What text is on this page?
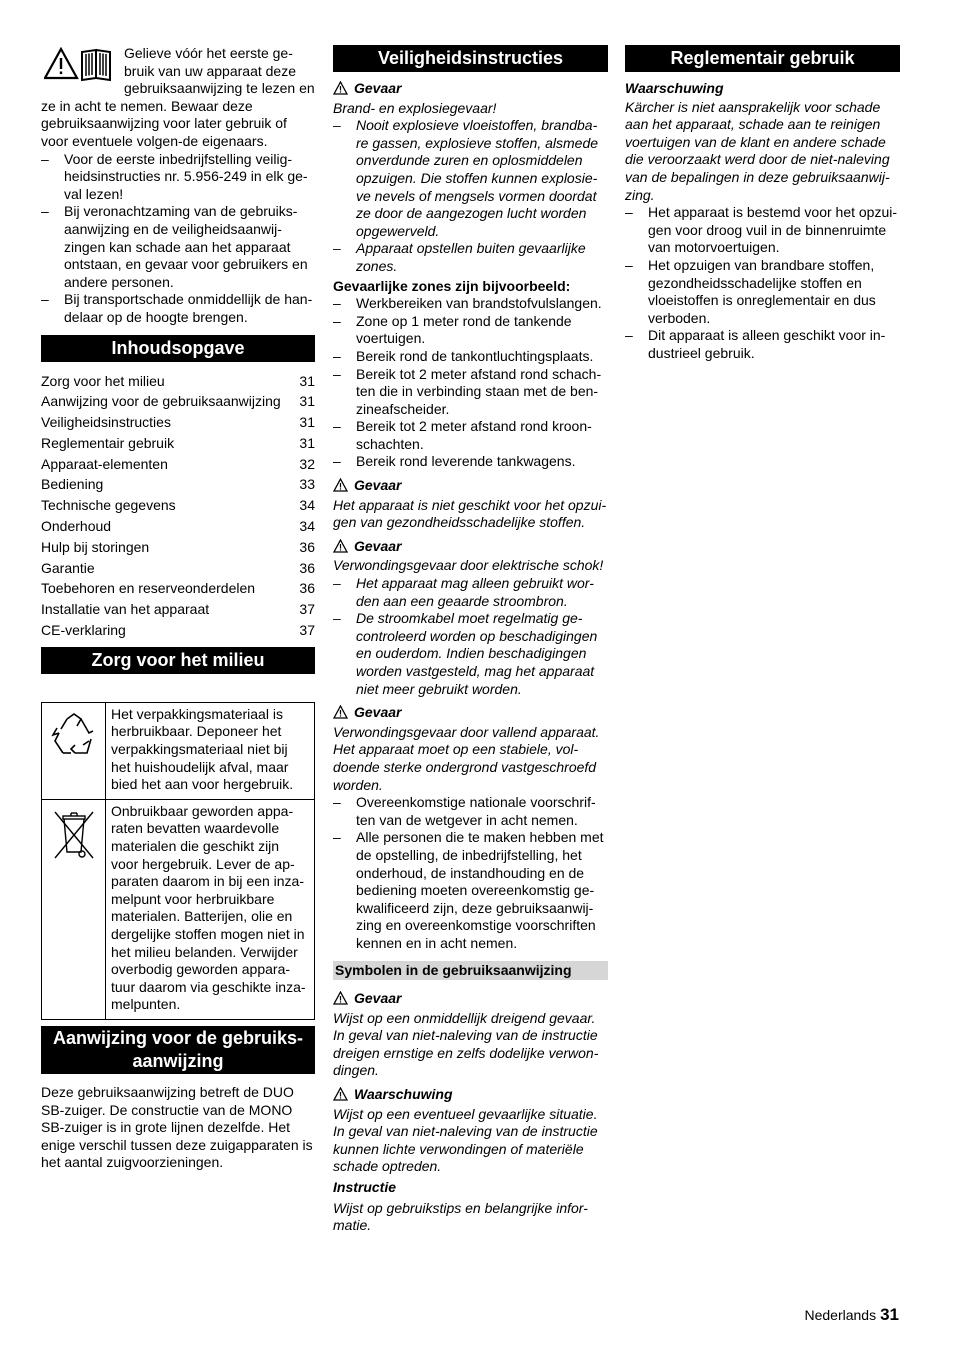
Gelieve vóór het eerste ge-bruik van uw apparaat deze gebruiksaanwijzing te lezen en ze in acht te nemen. Bewaar deze gebruiksaanwijzing voor later gebruik of voor eventuele volgen-de eigenaars.

– Voor de eerste inbedrijfstelling veilig-heidsinstructies nr. 5.956-249 in elk ge-val lezen!
– Bij veronachtzaming van de gebruiks-aanwijzing en de veiligheidsaanwij-zingen kan schade aan het apparaat ontstaan, en gevaar voor gebruikers en andere personen.
– Bij transportschade onmiddellijk de han-delaar op de hoogte brengen.
Inhoudsopgave
Zorg voor het milieu	31
Aanwijzing voor de gebruiksaanwijzing 31
Veiligheidsinstructies	31
Reglementair gebruik	31
Apparaat-elementen	32
Bediening	33
Technische gegevens	34
Onderhoud	34
Hulp bij storingen	36
Garantie	36
Toebehoren en reserveonderdelen	36
Installatie van het apparaat	37
CE-verklaring	37
Zorg voor het milieu
	Het verpakkingsmateriaal is herbruikbaar. Deponeer het verpakkingsmateriaal niet bij het huishoudelijk afval, maar bied het aan voor hergebruik.
	Onbruikbaar geworden appa-raten bevatten waardevolle materialen die geschikt zijn voor hergebruik. Lever de ap-paraten daarom in bij een inza-melpunt voor herbruikbare materialen. Batterijen, olie en dergelijke stoffen mogen niet in het milieu belanden. Verwijder overbodig geworden appara-tuur daarom via geschikte inza-melpunten.
Aanwijzing voor de gebruiks-
aanwijzing

Deze gebruiksaanwijzing betreft de DUO SB-zuiger. De constructie van de MONO SB-zuiger is in grote lijnen dezelfde. Het enige verschil tussen deze zuigapparaten is het aantal zuigvoorzieningen.

Veiligheidsinstructies
Gevaar

Brand- en explosiegevaar!

– Nooit explosieve vloeistoffen, brandba-re gassen, explosieve stoffen, alsmede onverdunde zuren en oplosmiddelen opzuigen. Die stoffen kunnen explosie-ve nevels of mengsels vormen doordat ze door de aangezogen lucht worden opgewerveld.
– Apparaat opstellen buiten gevaarlijke zones.

Gevaarlijke zones zijn bijvoorbeeld:

– Werkbereiken van brandstofvulslangen.
– Zone op 1 meter rond de tankende voertuigen.
– Bereik rond de tankontluchtingsplaats.
– Bereik tot 2 meter afstand rond schach-ten die in verbinding staan met de ben-zineafscheider.
– Bereik tot 2 meter afstand rond kroon-schachten.
– Bereik rond leverende tankwagens.
Gevaar

Het apparaat is niet geschikt voor het opzui-gen van gezondheidsschadelijke stoffen.

Gevaar

Verwondingsgevaar door elektrische schok!

– Het apparaat mag alleen gebruikt wor-den aan een geaarde stroombron.
– De stroomkabel moet regelmatig ge-controleerd worden op beschadigingen en ouderdom. Indien beschadigingen worden vastgesteld, mag het apparaat niet meer gebruikt worden.
Gevaar

Verwondingsgevaar door vallend apparaat. Het apparaat moet op een stabiele, vol-doende sterke ondergrond vastgeschroefd worden.

– Overeenkomstige nationale voorschrif-ten van de wetgever in acht nemen.
– Alle personen die te maken hebben met de opstelling, de inbedrijfstelling, het onderhoud, de instandhouding en de bediening moeten overeenkomstig ge-kwalificeerd zijn, deze gebruiksaanwij-zing en overeenkomstige voorschriften kennen en in acht nemen.
Symbolen in de gebruiksaanwijzing
Gevaar

Wijst op een onmiddellijk dreigend gevaar. In geval van niet-naleving van de instructie dreigen ernstige en zelfs dodelijke verwon-dingen.

Waarschuwing

Wijst op een eventueel gevaarlijke situatie. In geval van niet-naleving van de instructie kunnen lichte verwondingen of materiële schade optreden.

Instructie

Wijst op gebruikstips en belangrijke infor-matie.

Reglementair gebruik

Waarschuwing

Kärcher is niet aansprakelijk voor schade aan het apparaat, schade aan te reinigen voertuigen van de klant en andere schade die veroorzaakt werd door de niet-naleving van de bepalingen in deze gebruiksaanwij-zing.

– Het apparaat is bestemd voor het opzui-gen voor droog vuil in de binnenruimte van motorvoertuigen.
– Het opzuigen van brandbare stoffen, gezondheidsschadelijke stoffen en vloeistoffen is onreglementair en dus verboden.
– Dit apparaat is alleen geschikt voor in-dustrieel gebruik.
Nederlands 31
